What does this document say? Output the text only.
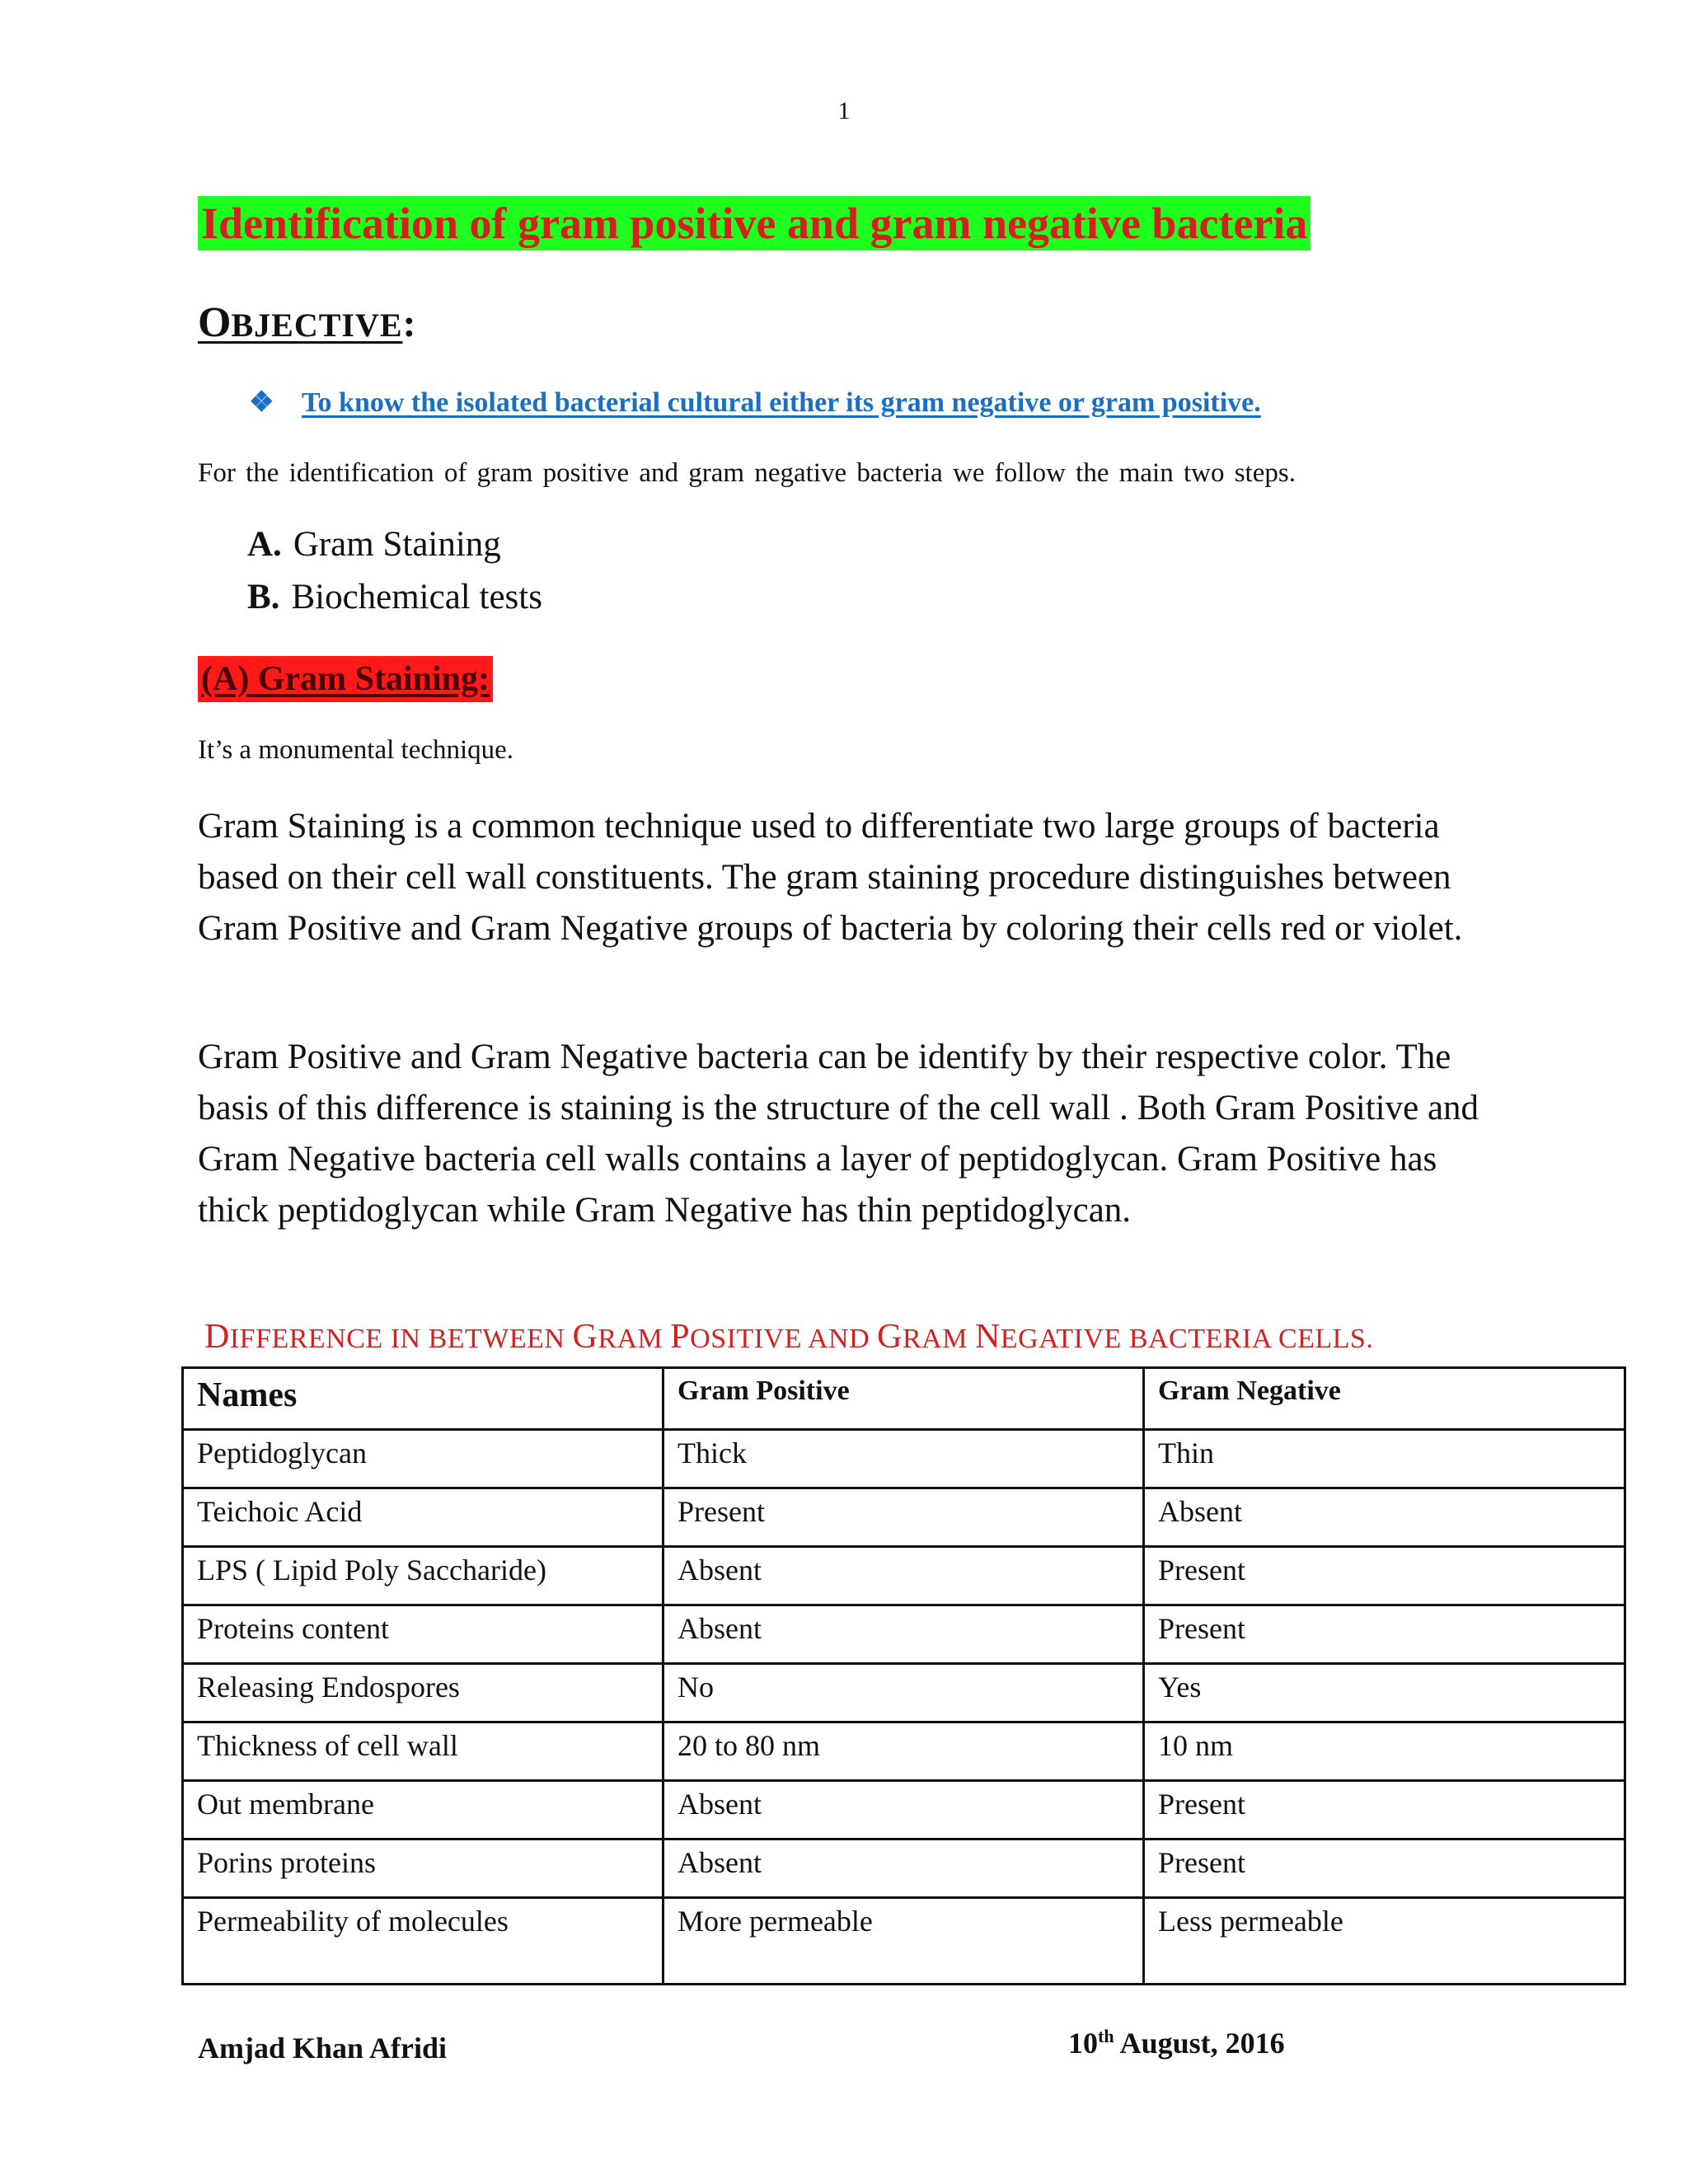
1
Identification of gram positive and gram negative bacteria
OBJECTIVE:
❖ To know the isolated bacterial cultural either its gram negative or gram positive.
For the identification of gram positive and gram negative bacteria we follow the main two steps.
A. Gram Staining
B. Biochemical tests
(A) Gram Staining:
It’s a monumental technique.
Gram Staining is a common technique used to differentiate two large groups of bacteria based on their cell wall constituents. The gram staining procedure distinguishes between Gram Positive and Gram Negative groups of bacteria by coloring their cells red or violet.
Gram Positive and Gram Negative bacteria can be identify by their respective color. The basis of this difference is staining is the structure of the cell wall . Both Gram Positive and Gram Negative bacteria cell walls contains a layer of peptidoglycan. Gram Positive has thick peptidoglycan while Gram Negative has thin peptidoglycan.
DIFFERENCE IN BETWEEN GRAM POSITIVE AND GRAM NEGATIVE BACTERIA CELLS.
Names	Gram Positive	Gram Negative
Peptidoglycan	Thick	Thin
Teichoic Acid	Present	Absent
LPS ( Lipid Poly Saccharide)	Absent	Present
Proteins content	Absent	Present
Releasing Endospores	No	Yes
Thickness of cell wall	20 to 80 nm	10 nm
Out membrane	Absent	Present
Porins proteins	Absent	Present
Permeability of molecules	More permeable	Less permeable
Amjad Khan Afridi	10th August, 2016
